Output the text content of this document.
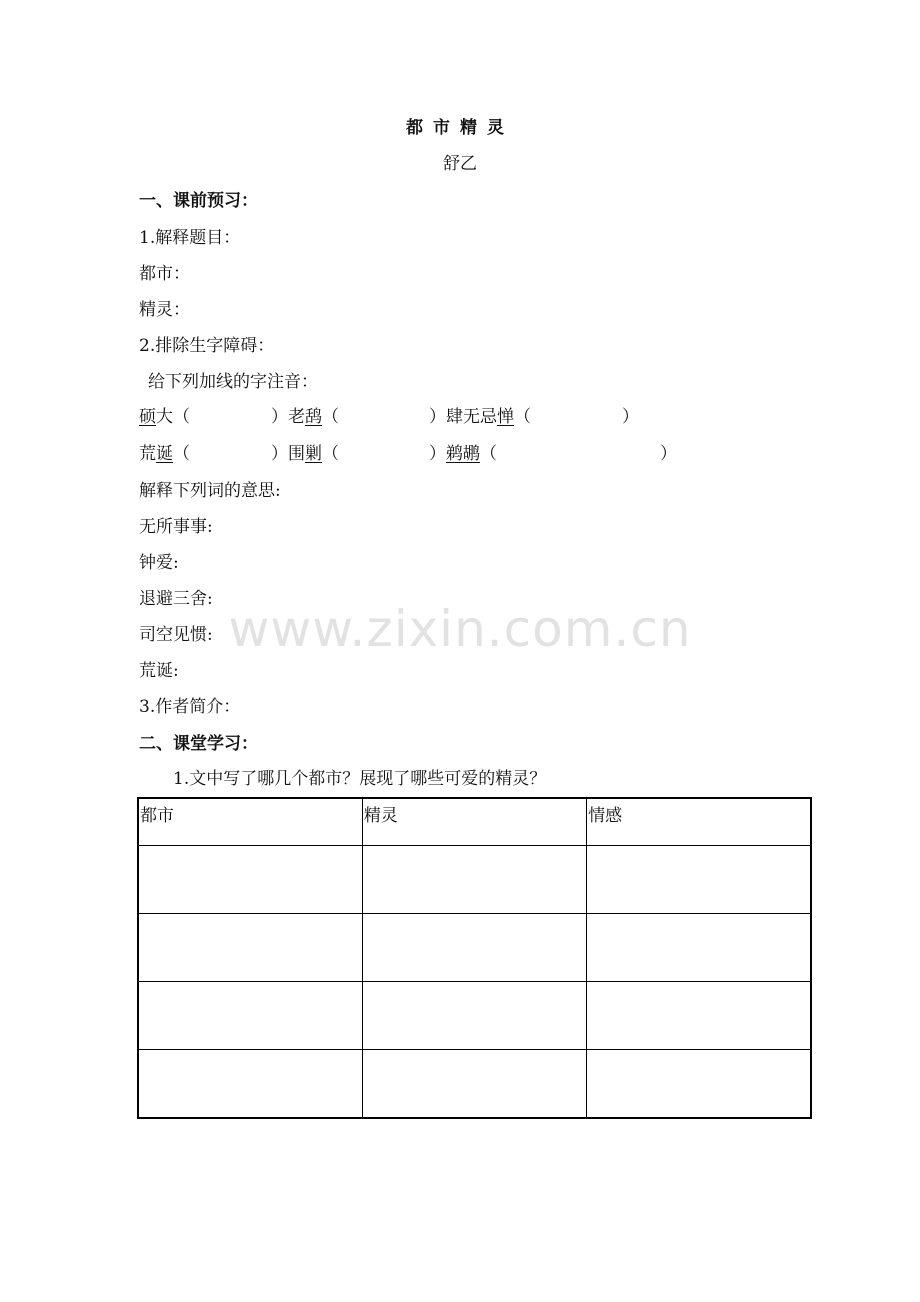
都市精灵
舒乙
一、课前预习：
1.解释题目：
都市：
精灵：
2.排除生字障碍：
给下列加线的字注音：
硕大（	）老鸹（	）肆无忌惮（	）
荒诞（	）围剿（	）鹈鹕（	）
解释下列词的意思:
无所事事:
钟爱:
退避三舍:
司空见惯:
荒诞:
3.作者简介：
二、课堂学习：
1.文中写了哪几个都市？展现了哪些可爱的精灵？
都市	精灵	情感

www.zixin.com.cn
